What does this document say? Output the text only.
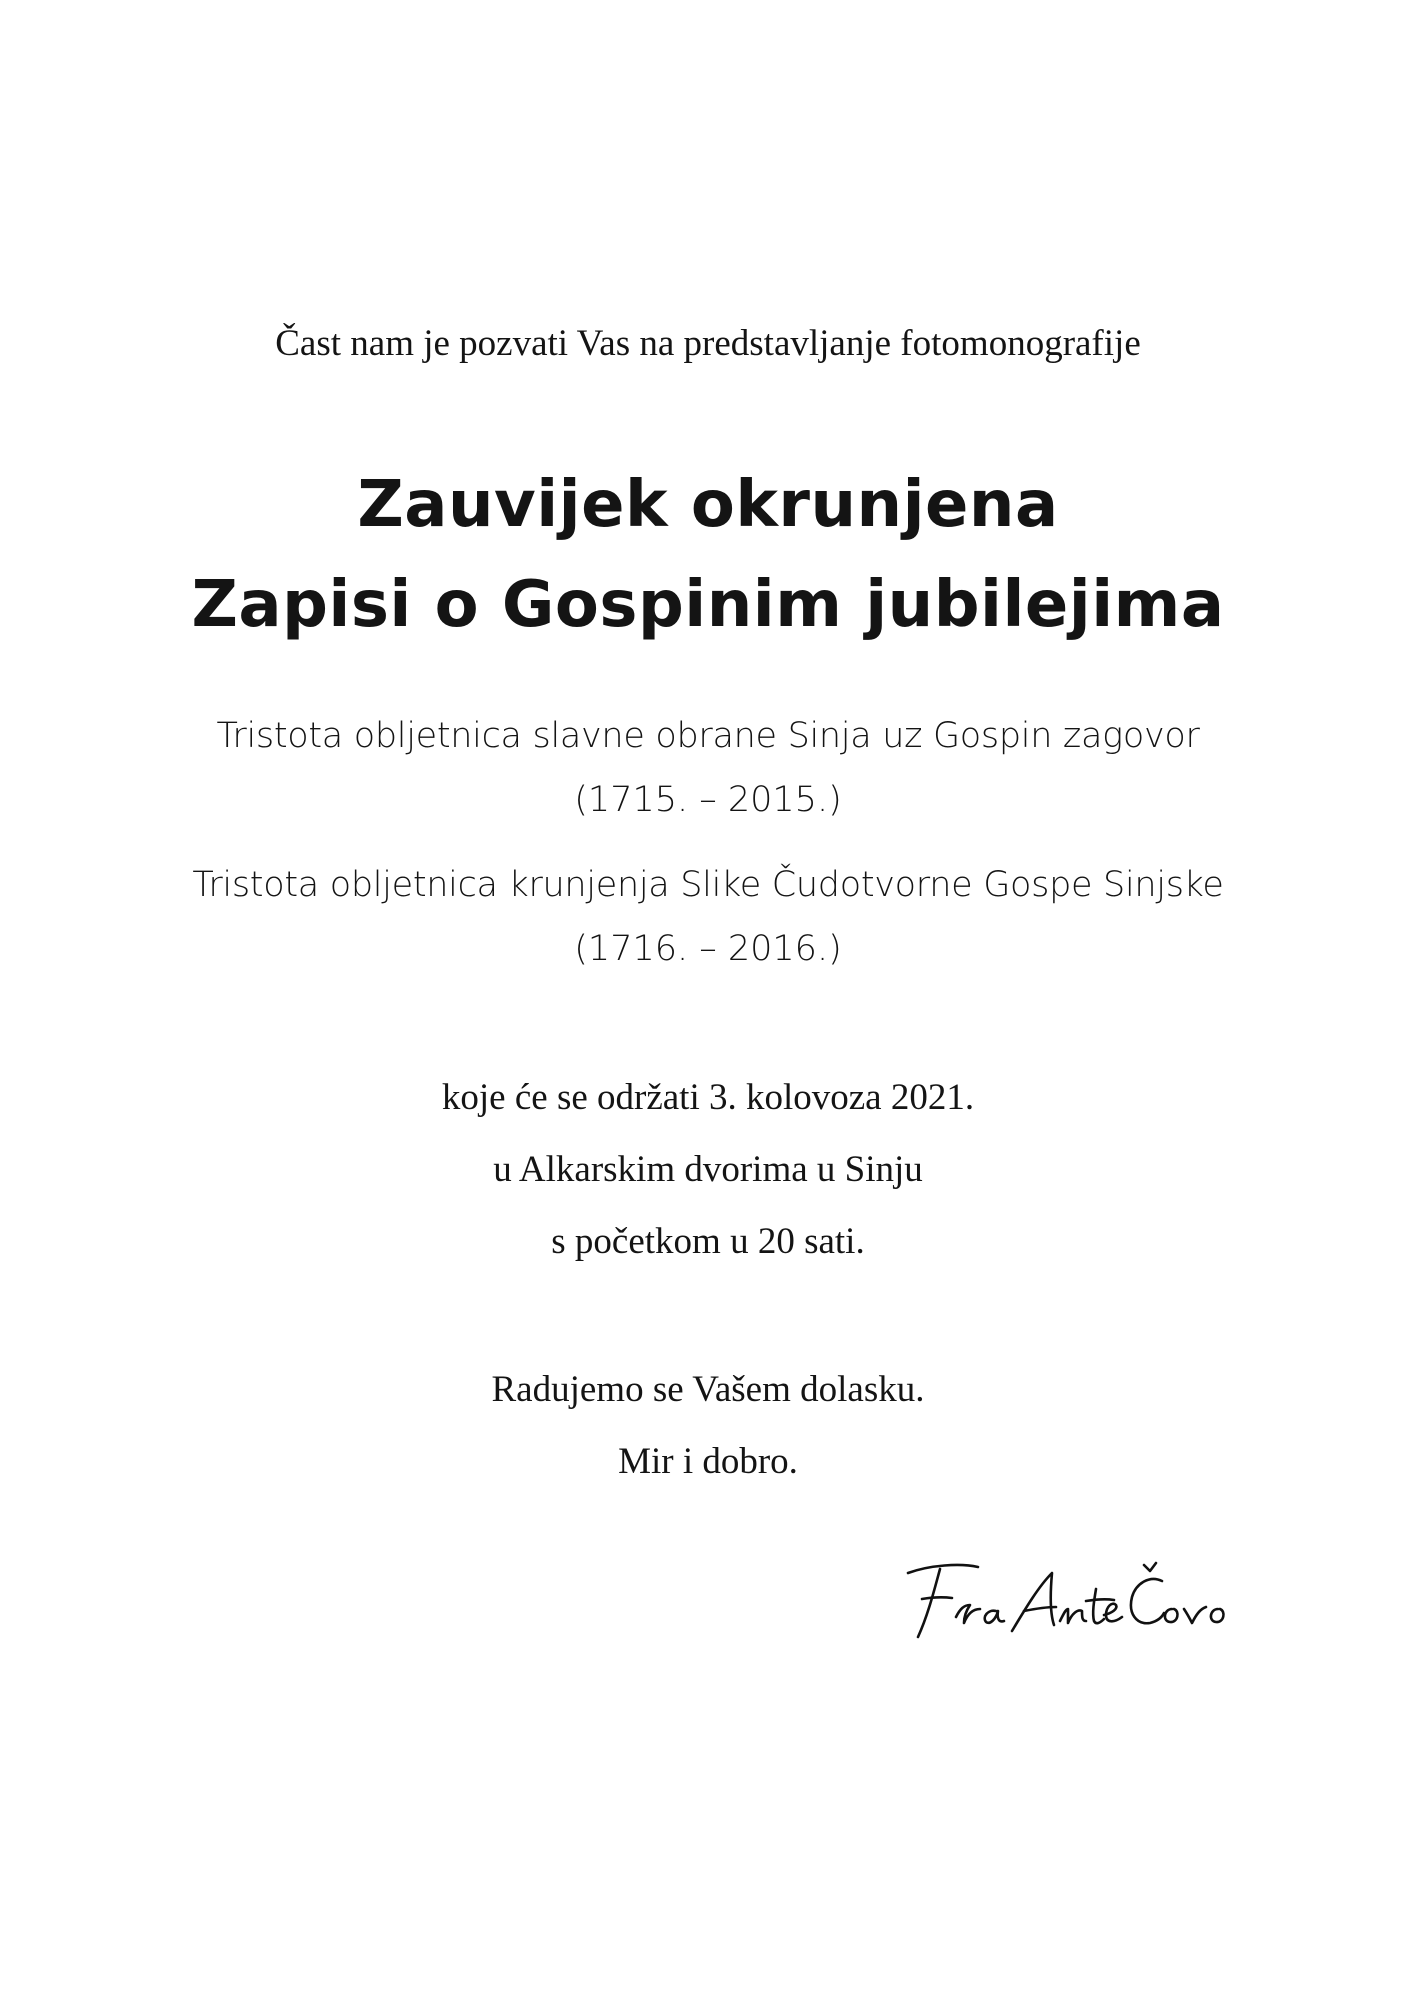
Čast nam je pozvati Vas na predstavljanje fotomonografije

Zauvijek okrunjena
Zapisi o Gospinim jubilejima

Tristota obljetnica slavne obrane Sinja uz Gospin zagovor

(1715. – 2015.)

Tristota obljetnica krunjenja Slike Čudotvorne Gospe Sinjske

(1716. – 2016.)

koje će se održati 3. kolovoza 2021.

u Alkarskim dvorima u Sinju

s početkom u 20 sati.

Radujemo se Vašem dolasku.

Mir i dobro.
